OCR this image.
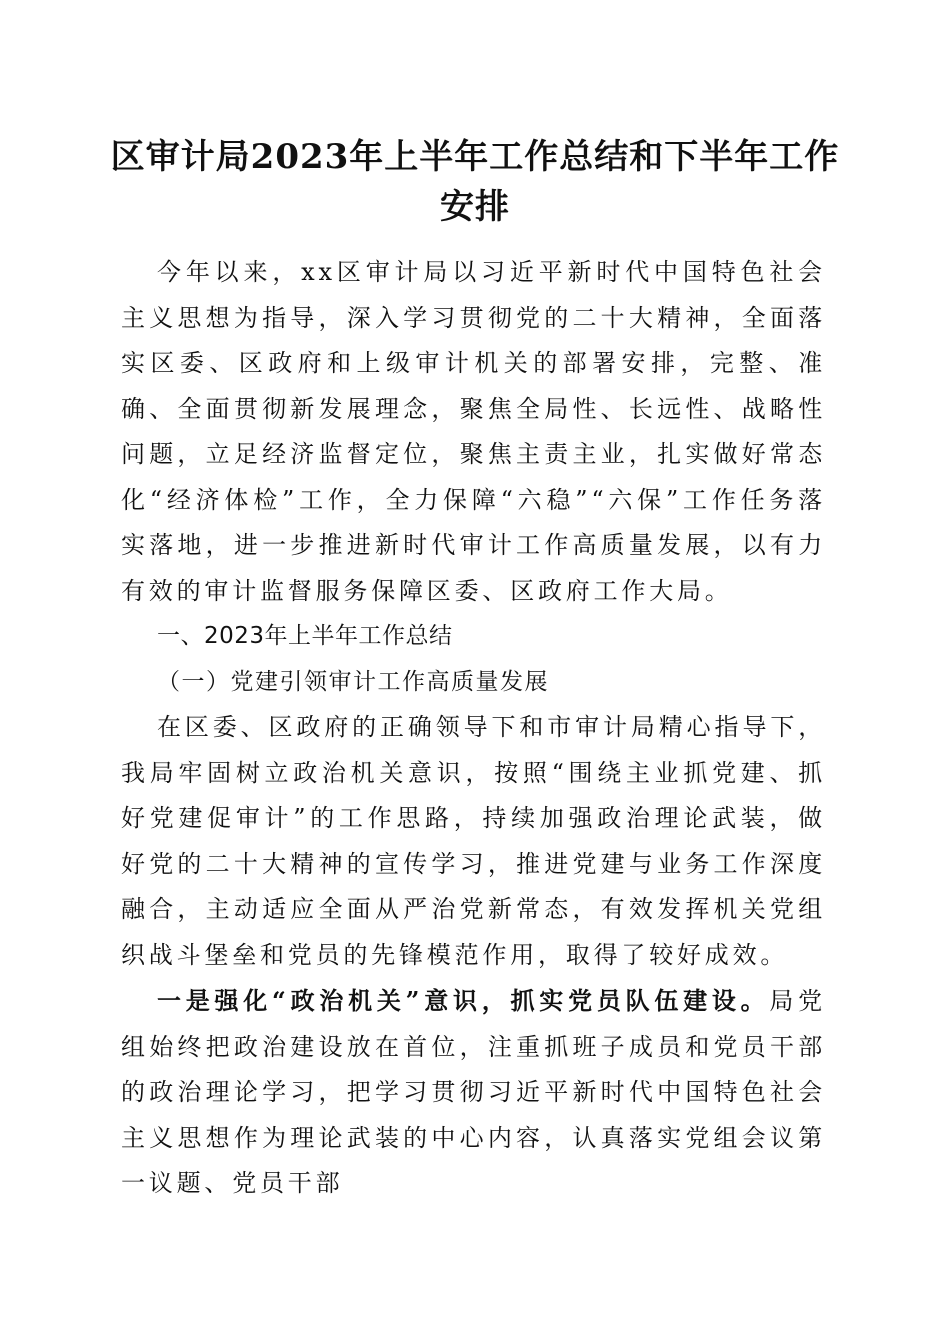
区审计局2023年上半年工作总结和下半年工作安排

今年以来，xx区审计局以习近平新时代中国特色社会主义思想为指导，深入学习贯彻党的二十大精神，全面落实区委、区政府和上级审计机关的部署安排，完整、准确、全面贯彻新发展理念，聚焦全局性、长远性、战略性问题，立足经济监督定位，聚焦主责主业，扎实做好常态化“经济体检”工作，全力保障“六稳”“六保”工作任务落实落地，进一步推进新时代审计工作高质量发展，以有力有效的审计监督服务保障区委、区政府工作大局。

一、2023年上半年工作总结

（一）党建引领审计工作高质量发展

在区委、区政府的正确领导下和市审计局精心指导下，我局牢固树立政治机关意识，按照“围绕主业抓党建、抓好党建促审计”的工作思路，持续加强政治理论武装，做好党的二十大精神的宣传学习，推进党建与业务工作深度融合，主动适应全面从严治党新常态，有效发挥机关党组织战斗堡垒和党员的先锋模范作用，取得了较好成效。

一是强化“政治机关”意识，抓实党员队伍建设。局党组始终把政治建设放在首位，注重抓班子成员和党员干部的政治理论学习，把学习贯彻习近平新时代中国特色社会主义思想作为理论武装的中心内容，认真落实党组会议第一议题、党员干部
